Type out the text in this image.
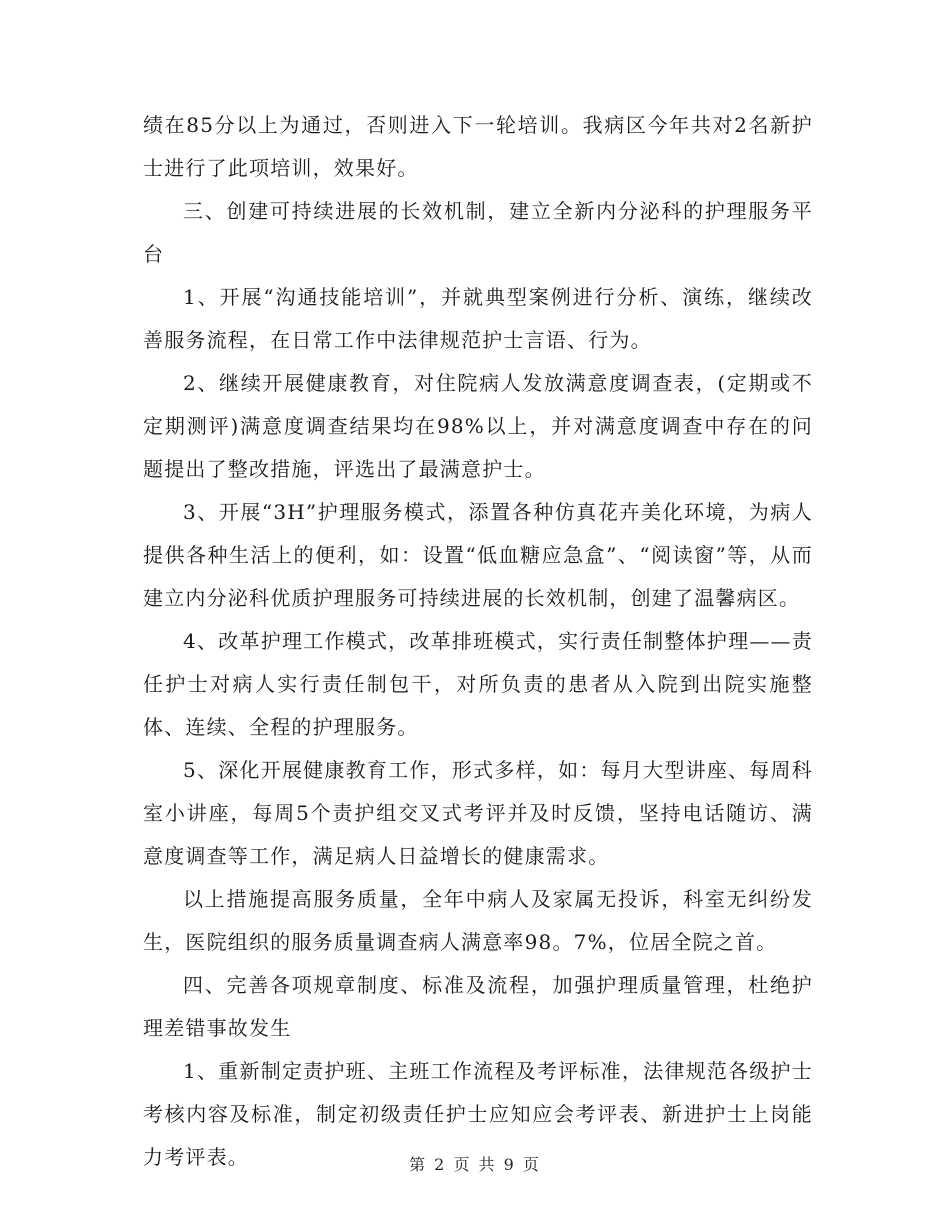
绩在85分以上为通过，否则进入下一轮培训。我病区今年共对2名新护士进行了此项培训，效果好。

三、创建可持续进展的长效机制，建立全新内分泌科的护理服务平台

1、开展“沟通技能培训”，并就典型案例进行分析、演练，继续改善服务流程，在日常工作中法律规范护士言语、行为。

2、继续开展健康教育，对住院病人发放满意度调查表，(定期或不定期测评)满意度调查结果均在98%以上，并对满意度调查中存在的问题提出了整改措施，评选出了最满意护士。

3、开展“3H”护理服务模式，添置各种仿真花卉美化环境，为病人提供各种生活上的便利，如：设置“低血糖应急盒”、“阅读窗”等，从而建立内分泌科优质护理服务可持续进展的长效机制，创建了温馨病区。

4、改革护理工作模式，改革排班模式，实行责任制整体护理——责任护士对病人实行责任制包干，对所负责的患者从入院到出院实施整体、连续、全程的护理服务。

5、深化开展健康教育工作，形式多样，如：每月大型讲座、每周科室小讲座，每周5个责护组交叉式考评并及时反馈，坚持电话随访、满意度调查等工作，满足病人日益增长的健康需求。

以上措施提高服务质量，全年中病人及家属无投诉，科室无纠纷发生，医院组织的服务质量调查病人满意率98。7%，位居全院之首。

四、完善各项规章制度、标准及流程，加强护理质量管理，杜绝护理差错事故发生

1、重新制定责护班、主班工作流程及考评标准，法律规范各级护士考核内容及标准，制定初级责任护士应知应会考评表、新进护士上岗能力考评表。	第 2 页 共 9 页
